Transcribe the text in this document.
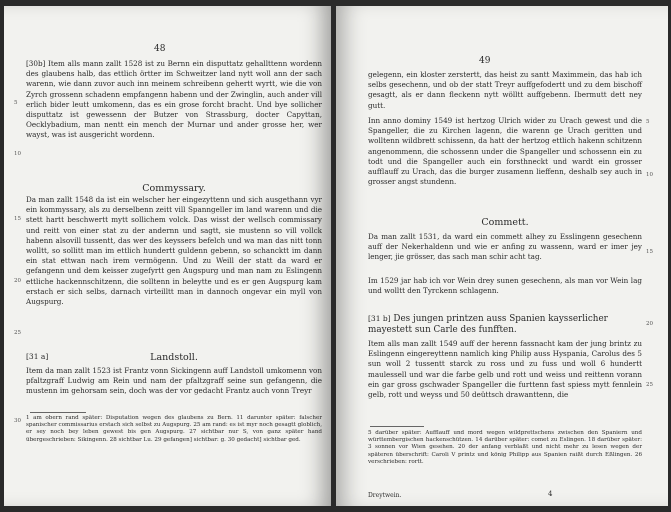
48
5
10
15
20
25
30

[30b] Item alls mann zallt 1528 ist zu Bernn ein disputtatz gehallttenn wordenn des glaubens halb, das ettlich örtter im Schweitzer land nytt woll ann der sach warenn, wie dann zuvor auch inn meinem schreibenn gehertt wyrtt, wie die von Zyrch grossenn schadenn empfangenn habenn und der Zwinglin, auch ander vill erlich bider leutt umkomenn, das es ein grose forcht bracht. Und bye sollicher disputtatz ist gewessenn der Butzer von Strassburg, docter Capyttan, Oecklybadium, man nentt ein mench der Murnar und ander grosse her, wer wayst, was ist ausgericht wordenn.

Commyssary.

Da man zallt 1548 da ist ein welscher her eingezyttenn und sich ausgethann vyr ein kommyssary, als zu derselbenn zeitt vill Spanngeller im land warenn und die stett hartt beschwertt mytt sollichem volck. Das wisst der wellsch commissary und reitt von einer stat zu der andernn und sagtt, sie mustenn so vill vollck habenn alsovill tussentt, das wer des keyssers befelch und wa man das nitt tonn wolltt, so sollitt man im ettlich hundertt guldenn gebenn, so schancktt im dann ein stat ettwan nach irem vermögenn. Und zu Weill der statt da ward er gefangenn und dem keisser zugefyrtt gen Augspurg und man nam zu Eslingenn ettliche hackennschitzenn, die solltenn in beleytte und es er gen Augspurg kam erstach er sich selbs, darnach virteilltt man in dannoch ongevar ein myll von Augspurg.

[31 a]	Landstoll.

Item da man zallt 1523 ist Frantz vonn Sickingenn auff Landstoll umkomenn von pfaltzgraff Ludwig am Rein und nam der pfaltzgraff seine sun gefangenn, die mustenn im gehorsam sein, doch was der vor gedacht Frantz auch vonn Treyr

1 am obern rand später: Disputation wegen des glaubens zu Bern. 11 darunter später: falscher spanischer commissarius erstach sich selbst zu Augspurg. 25 am rand: es ist myr noch gesagtt globlich, er sey noch bey leben gewest bis gen Augspurg. 27 sichtbar nur S, von ganz später hand übergeschrieben: Sikingenn. 28 sichtbar Lu. 29 gefangen] sichtbar: g. 30 gedacht] sichtbar ged.

49
5
10
15
20
25

gelegenn, ein kloster zerstertt, das heist zu santt Maximmein, das hab ich selbs gesechenn, und ob der statt Treyr auffgefodertt und zu dem bischoff gesagtt, als er dann fleckenn nytt wölltt auffgebenn. Ibermutt dett ney gutt.

Inn anno dominy 1549 ist hertzog Ulrich wider zu Urach gewest und die Spangeller, die zu Kirchen lagenn, die warenn ge Urach geritten und wolltenn wildbrett schissenn, da hatt der hertzog ettlich hakenn schitzenn angenommenn, die schossenn under die Spangeller und schossenn ein zu todt und die Spangeller auch ein forsthneckt und wardt ein grosser aufflauff zu Urach, das die burger zusamenn lieffenn, deshalb sey auch in grosser angst stundenn.

Commett.

Da man zallt 1531, da ward ein commett alhey zu Esslingenn gesechenn auff der Nekerhaldenn und wie er anfing zu wassenn, ward er imer jey lenger, jie grösser, das sach man schir acht tag.

Im 1529 jar hab ich vor Wein drey sunen gesechenn, als man vor Wein lag und wolltt den Tyrckenn schlagenn.

[31 b] Des jungen printzen auss Spanien kaysserlicher mayestett sun Carle des funfften.

Item alls man zallt 1549 auff der herenn fassnacht kam der jung brintz zu Eslingenn eingereyttenn namlich king Philip auss Hyspania, Carolus des 5 sun woll 2 tussentt starck zu ross und zu fuss und woll 6 hundertt maulessell und war die farbe gelb und rott und weiss und reittenn vorann ein gar gross gschwader Spangeller die furttenn fast spiess mytt fennlein gelb, rott und weyss und 50 deüttsch drawanttenn, die

5 darüber später: Aufflauff und mord wegen wildprettschens zwischen den Spaniern und württembergischen hackenschützen. 14 darüber später: comet zu Eslingen. 18 darüber später: 3 sonnen vor Wien gesehen. 20 der anfang verblaßt und nicht mehr zu lesen wegen der späteren überschrift: Caroli V printz und könig Philipp aus Spanien raißt durch Eßlingen. 26 verschrieben: rortt.

Dreytwein.	4
